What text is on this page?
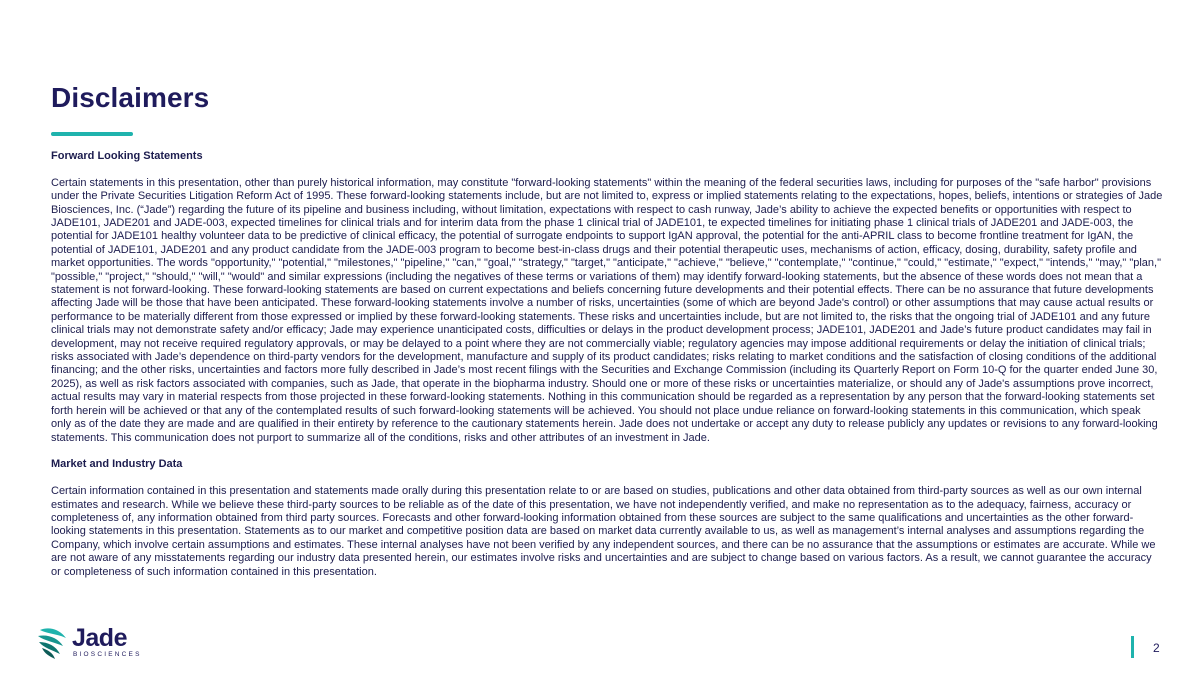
Disclaimers

Forward Looking Statements

Certain statements in this presentation, other than purely historical information, may constitute "forward-looking statements" within the meaning of the federal securities laws, including for purposes of the "safe harbor" provisions under the Private Securities Litigation Reform Act of 1995. These forward-looking statements include, but are not limited to, express or implied statements relating to the expectations, hopes, beliefs, intentions or strategies of Jade Biosciences, Inc. (“Jade”) regarding the future of its pipeline and business including, without limitation, expectations with respect to cash runway, Jade’s ability to achieve the expected benefits or opportunities with respect to JADE101, JADE201 and JADE-003, expected timelines for clinical trials and for interim data from the phase 1 clinical trial of JADE101, te expected timelines for initiating phase 1 clinical trials of JADE201 and JADE-003, the potential for JADE101 healthy volunteer data to be predictive of clinical efficacy, the potential of surrogate endpoints to support IgAN approval, the potential for the anti-APRIL class to become frontline treatment for IgAN, the potential of JADE101, JADE201 and any product candidate from the JADE-003 program to become best-in-class drugs and their potential therapeutic uses, mechanisms of action, efficacy, dosing, durability, safety profile and market opportunities. The words "opportunity," "potential," "milestones," "pipeline," "can," "goal," "strategy," "target," "anticipate," "achieve," "believe," "contemplate," "continue," "could," "estimate," "expect," "intends," "may," "plan," "possible," "project," "should," "will," "would" and similar expressions (including the negatives of these terms or variations of them) may identify forward-looking statements, but the absence of these words does not mean that a statement is not forward-looking. These forward-looking statements are based on current expectations and beliefs concerning future developments and their potential effects. There can be no assurance that future developments affecting Jade will be those that have been anticipated. These forward-looking statements involve a number of risks, uncertainties (some of which are beyond Jade's control) or other assumptions that may cause actual results or performance to be materially different from those expressed or implied by these forward-looking statements. These risks and uncertainties include, but are not limited to, the risks that the ongoing trial of JADE101 and any future clinical trials may not demonstrate safety and/or efficacy; Jade may experience unanticipated costs, difficulties or delays in the product development process; JADE101, JADE201 and Jade’s future product candidates may fail in development, may not receive required regulatory approvals, or may be delayed to a point where they are not commercially viable; regulatory agencies may impose additional requirements or delay the initiation of clinical trials; risks associated with Jade’s dependence on third-party vendors for the development, manufacture and supply of its product candidates; risks relating to market conditions and the satisfaction of closing conditions of the additional financing; and the other risks, uncertainties and factors more fully described in Jade’s most recent filings with the Securities and Exchange Commission (including its Quarterly Report on Form 10-Q for the quarter ended June 30, 2025), as well as risk factors associated with companies, such as Jade, that operate in the biopharma industry. Should one or more of these risks or uncertainties materialize, or should any of Jade's assumptions prove incorrect, actual results may vary in material respects from those projected in these forward-looking statements. Nothing in this communication should be regarded as a representation by any person that the forward-looking statements set forth herein will be achieved or that any of the contemplated results of such forward-looking statements will be achieved. You should not place undue reliance on forward-looking statements in this communication, which speak only as of the date they are made and are qualified in their entirety by reference to the cautionary statements herein. Jade does not undertake or accept any duty to release publicly any updates or revisions to any forward-looking statements. This communication does not purport to summarize all of the conditions, risks and other attributes of an investment in Jade.

Market and Industry Data

Certain information contained in this presentation and statements made orally during this presentation relate to or are based on studies, publications and other data obtained from third-party sources as well as our own internal estimates and research. While we believe these third-party sources to be reliable as of the date of this presentation, we have not independently verified, and make no representation as to the adequacy, fairness, accuracy or completeness of, any information obtained from third party sources. Forecasts and other forward-looking information obtained from these sources are subject to the same qualifications and uncertainties as the other forward-looking statements in this presentation. Statements as to our market and competitive position data are based on market data currently available to us, as well as management’s internal analyses and assumptions regarding the Company, which involve certain assumptions and estimates. These internal analyses have not been verified by any independent sources, and there can be no assurance that the assumptions or estimates are accurate. While we are not aware of any misstatements regarding our industry data presented herein, our estimates involve risks and uncertainties and are subject to change based on various factors. As a result, we cannot guarantee the accuracy or completeness of such information contained in this presentation.

Jade
BIOSCIENCES	2
